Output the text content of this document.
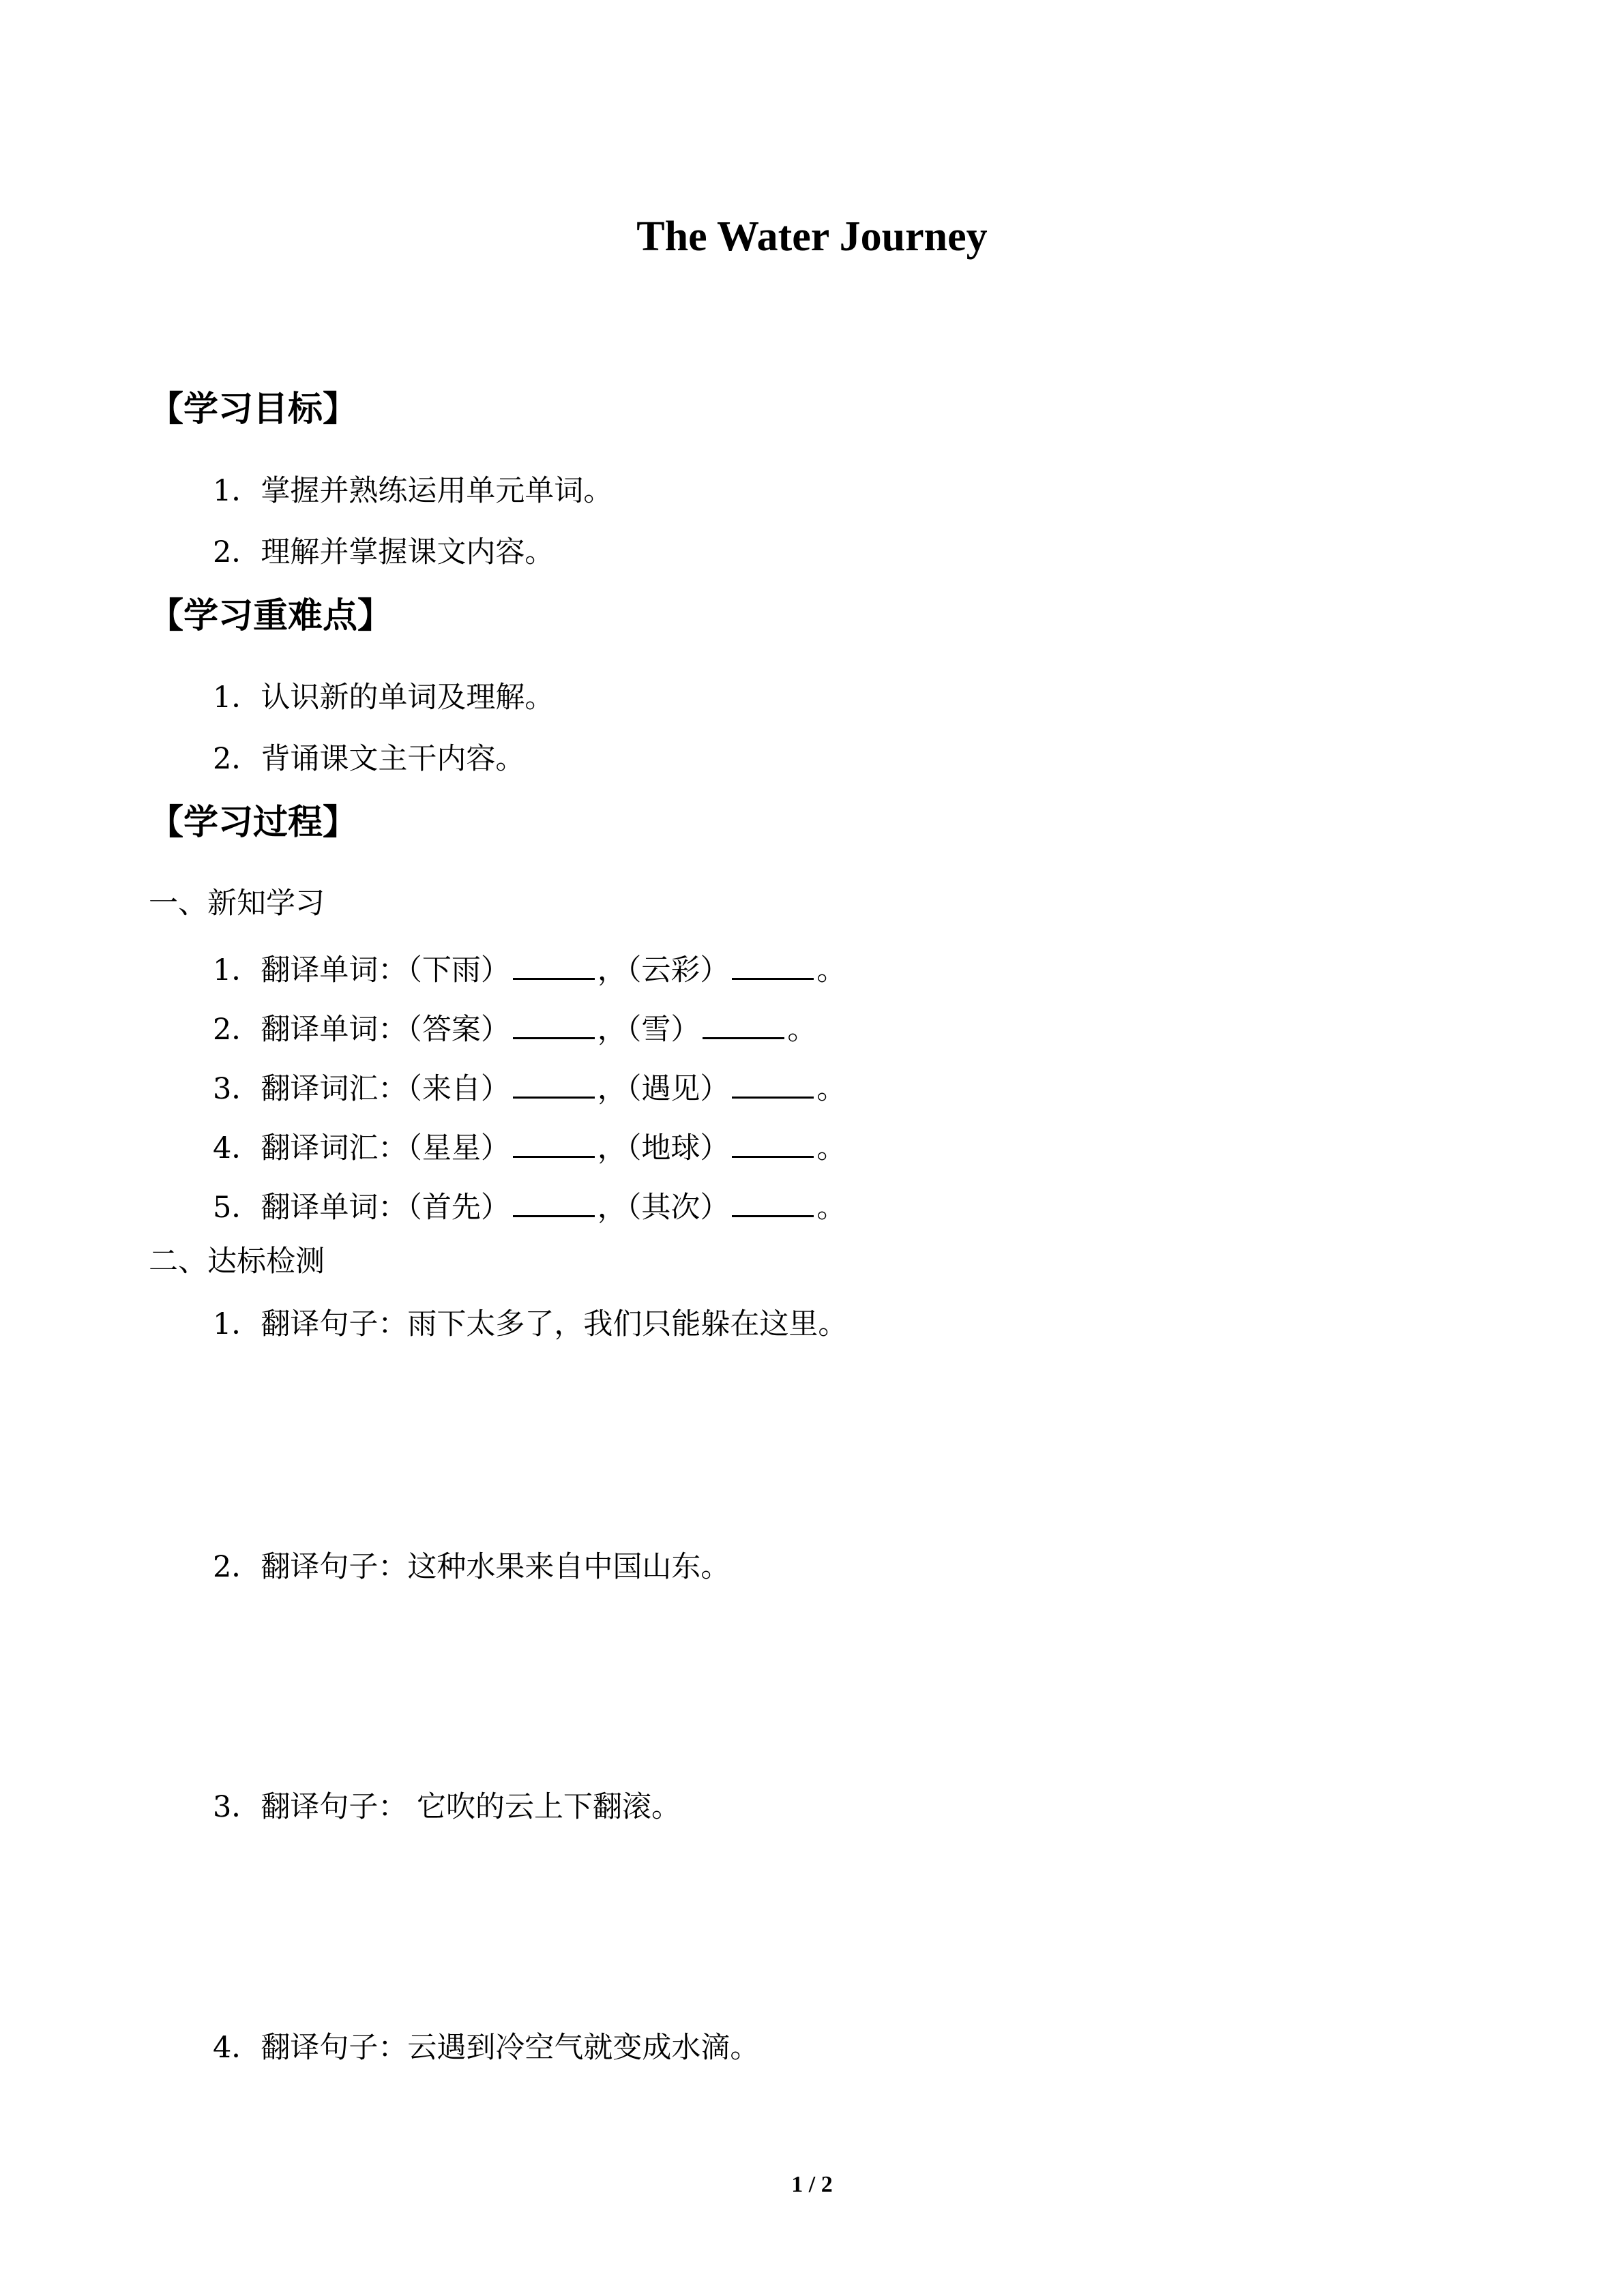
The Water Journey
【学习目标】

1．掌握并熟练运用单元单词。

2．理解并掌握课文内容。

【学习重难点】

1．认识新的单词及理解。

2．背诵课文主干内容。

【学习过程】

一、新知学习

1．翻译单词：（下雨）	，（云彩）	。

2．翻译单词：（答案）	，（雪）	。

3．翻译词汇：（来自）	，（遇见）	。

4．翻译词汇：（星星）	，（地球）	。

5．翻译单词：（首先）	，（其次）	。

二、达标检测

1．翻译句子：雨下太多了，我们只能躲在这里。

2．翻译句子：这种水果来自中国山东。

3．翻译句子： 它吹的云上下翻滚。

4．翻译句子：云遇到冷空气就变成水滴。

1 / 2
